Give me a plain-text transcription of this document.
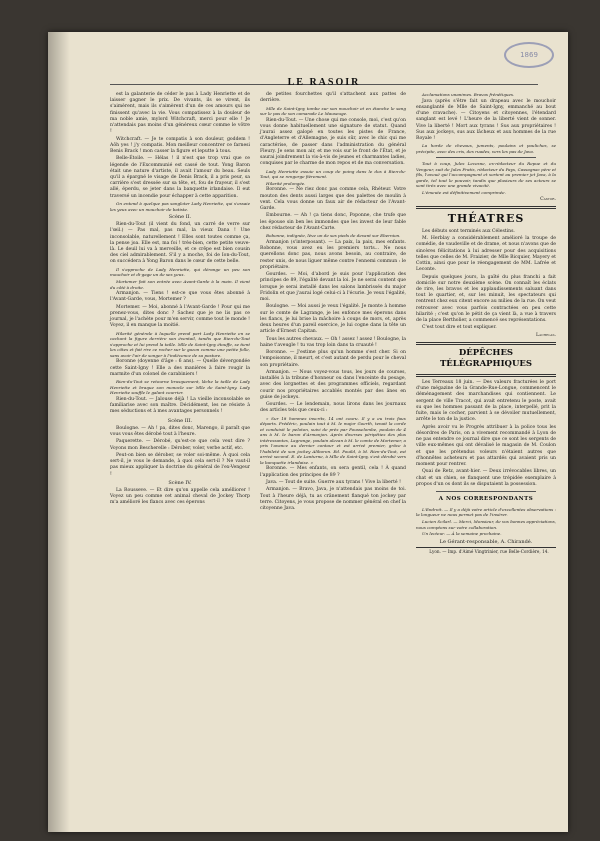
1869
LE RASOIR

est la galanterie de céder le pas à Lady Henriette et de laisser gagner le prix. De vivants, ils se virent, ils s'aimèrent, mais ils s'aimèrent d'un de ces amours qui ne finissent qu'avec la vie. Vous compatissez à la douleur de ma noble amie, mylord Witchcraft, merci pour elle ! Je n'attendais pas moins d'un généreux cœur comme le vôtre !

Witchcraft. — Je te compatis à son douleur, goddem ! Aôh yes ! j'y compatis. Mon meilleur concentrer ce farnesi Benis Brack ! mon casser la figure et leputte à tous.

Belle-Étoile. — Hélas ! il n'est que trop vrai que ce légende de l'Excommunié est cassé de tout. Yong Baron était une nature d'artiste, il avait l'amour du beau. Seuls qu'il a épargné le visage de Denis Brack, il a pris peur, sa carrière s'est dressée sur sa tête, et, fou de frayeur, il s'est allé, éperdu, se jeter dans la banquette irlandaise. Il eut traversé un incendie pour échapper à cette apparition.

On entend à quelque pas sangloter Lady Henriette, qui s'essaie les yeux avec un mouchoir de batiste.

Scène II.

Rien-du-Tout (il vient du fond, un carré de verre sur l'œil.) — Pas mal, pas mal, la vieux Dana ! Une inconsolable, naturellement ! Elles sont toutes comme ça, la pense joa. Elle est, ma foi ! très-bien, cette petite veuve-là. Le deuil lui va à merveille, et ce crêpe est bien cousin des ciel admirablement. S'il y a moche, foi de Ion-du-Tout, on succédera à Yong Baron dans le cœur de cette belle.

Il s'approche de Lady Henriette, qui dérange un peu son mouchoir et di-gage un de ses yeux.

Mortemer fait son entrée avec Avant-Garde à la main. Il vient du côté à droite.

Armanjon. — Tiens ! est-ce que vous êtes abonné à l'Avant-Garde, vous, Mortemer ?

Mortemer. — Moi, abonné à l'Avant-Garde ! Pour qui me prenez-vous, dites donc ? Sachez que je ne lis pas ce journal, je l'achète pour m'en servir, comme tout le monde ! Voyez, il en manque la moitié.

Hilarité générale à laquelle prend part Lady Henriette en se cachant la figure derrière son éventail, tandis que Rien-du-Tout s'approche et lui prend la taille. Mlle de Saint-Igny étouffe, se tient les côtes et fait rire ce rocher sur le gazon comme une petite folle, sans avoir l'air de songer à l'indécence de sa posture.

Boronne (doyenne d'âge : 6 ans). — Quelle dévergondée cette Saint-Igny ! Elle a des manières à faire rougir la marmite d'un colonel de carabiniers !

Rien-du-Tout se retourne brusquement, lâche la taille de Lady Henriette et braque son monocle sur Mlle de Saint-Igny. Lady Henriette souffle le galant courrier.

Rien-du-Tout. — Jalouse déjà ! La vieille inconsolable se familiarise avec son maître. Décidément, les ne résiste à mes séductions et à mes avantages personnels !

Scène III.

Boulogne. — Ah ! pa, dites donc, Marengo, il paraît que vous vous êtes dérobé tout à l'heure.

Paquerette. — Dérobé, qu'est-ce que cela veut dire ? Voyons mon Bescherelle : Dérober, voler, verbe actif, etc.

Peut-on bien se dérober, se voler soi-même. À quoi cela sert-il, je vous le demande, à quoi cela sert-il ? Ne vaut-il pas mieux appliquer la doctrine du général de l'ex-Vengeur !

Scène IV.

La Rousseve. — Et dire qu'on appelle cela amélliorer ! Voyez un peu comme cet animal cheval de Jockey Thorp m'a amélioré les flancs avec ces éperons

de petites fourchettes qu'il s'attachent aux pattes de derrière.

Mlle de Saint-Igny tombe sur son mouchoir et en étanche le sang sur le pas de son camarade Le Mauseuge.

Rien-du-Tout. — Une chose qui me console, moi, c'est qu'on vous donne habituellement une signature de statut. Quand j'aurai assez galopé en toutes les pistes de France, d'Angleterre et d'Allemagne, je suis sûr, avec le chic qui me caractérise, de passer dans l'administration du général Fleury. Je sens mon air, et me vois sur le front de l'État, et je saurai joindrement la vis-à-vis de jeunes et charmantes ladies, conquises par le charme de mon repos et de ma conversation.

Lady Henriette essuie un coup de poing dans le dos à Rien-du-Tout, qui se rengorge fièrement.

Hilarité prolongée.

Boronne. — Ne riez donc pas comme cela, Rhéteur. Votre mouton des dents aussi larges que des palettes de moulin à vent. Cela vous donne un faux air de rédacteur de l'Avant-Garde.

Embourne. — Ah ! ça tiens donc, Poponne, che trufe que les épouse sin ben les immondes que les invest de leur fable chez rédacteur de l'Avant-Carte.

Bobonne, indignée, lève un de ses pieds de devant sur Ebernion.

Armanjon (s'interposant). — La paix, la paix, mes enfants. Robonne, vous avez eu les premiers torts... Ne nous querellons donc pas, nous avons besoin, au contraire, de rester unis, de nous liguer même contre l'ennemi commun : le propriétaire.

Gourdes. — Moi, d'abord je suis pour l'application des principes de 89, l'égalité devant la loi. Je ne serai content que lorsque je serai installé dans les salons lambrissés du major Fridolin et que j'aurai logé celui-ci à l'écurie. Je veux l'égalité, moi.

Boulogne. — Moi aussi je veux l'égalité. Je monte à homme sur le comte de Lagrange, je les enfonce mes éperons dans les flancs, je lui brise la mâchoire à coups de mors, et, après deux heures d'un pareil exercice, je lui cogne dans la tête un article d'Ernest Capitan.

Tous les autres chevaux. — Oh ! assez ! assez ! Boulogne, la haine t'aveugle ! tu vas trop loin dans ta cruauté !

Boronne. — J'estime plus qu'un homme s'est cher. Si on l'empoisonne, il meurt, et c'est autant de perdu pour le cheval son propriétaire.

Armanjon. — Nous voyez-vous tous, les jours de courses, installés à la tribune d'honneur ou dans l'enceinte du pesage, avec des lorgnettes et des programmes officiels, regardant courir nos propriétaires accablés montés par des ânes en guise de jockeys.

Gourdes. — Le lendemain, nous lirons dans les journaux des articles tels que ceux-ci :

« Sur 18 hommes inscrits, 14 ont couru. Il y a eu trois faux départs. Frédéric, poulain tout à M. le major Goerth, tenait la corde et conduisit le peloton, suivi de près par Fousselombe, poulain de 4 ans à M. le baron d'Armanjon. Après diverses péripéties des plus intéressantes, Lagrange, poulain alezan à M. le comte de Mortemer, a pris l'avance au dernier contour et est arrivé premier, grâce à l'habileté de son jockey Aliboron. Ed. Pouild, à M. Rien-du-Tout, est arrivé second. E. de Lanturne, à Mlle de Saint-Igny, s'est dérobé vers la banquette irlandaise. »

Boronne. — Mes enfants, on sera gentil, cela ! À quand l'application des principes de 89 ?

Java. — Tout de suite. Guerre aux tyrans ! Vive la liberté !

Armanjon. — Bravo, Java, je n'attendais pas moins de toi. Tout à l'heure déjà, tu as crânement flanqué ton jockey par terre. Citoyens, je vous propose de nommer général en chef la citoyenne Java.

Acclamations unanimes. Bravos frénétiques.

Java (après s'être fait un drapeau avec le mouchoir ensanglanté de Mlle de Saint-Igny, emmanché au bout d'une cravache). — Citoyens et citoyennes, l'étendard sanglant est levé ! L'heure de la liberté vient de sonner. Vive la liberté ! Mort aux tyrans ! Sus aux propriétaires ! Sus aux jockeys, sus aux lâcheux et aux hommes de la rue Royale !

La horde de chevaux, juments, poulains et pouliches, se précipite, avec des cris, des ruades, vers les pas de Java.

Tout à coup, Jules Lecesne, ex-rédacteur du Repue et du Vengeur, suit de Jules Fratis, rédacteur du Pays, Cassagnac père et fils, l'avoué qui l'accompagnent et sortent au premier jet Java, à la garde, tel tout le pouvoir, tandis que plusieurs de ses acteurs se sont tirés avec une grande vivacité.

L'émeute est définitivement comprimée.

Castor.

THÉATRES

Les débuts sont terminés aux Célestins.

M. Herblay a considérablement amélioré la troupe de comédie, de vaudeville et de drame, et nous n'avons que de sincères félicitations à lui adresser pour des acquisitions telles que celles de M. Fraizier, de Mlle Bicquier, Mayery et Cottin, ainsi que pour le réengagement de MM. Lafrée et Leconte.

Depuis quelques jours, la gaîté du plus franchi a fait domicile sur notre deuxième scène. On connaît les éclats de rire, les bravos et les applaudissements saluant dans tout le quartier, et, sur les minuit, les spectateurs qui rentrent chez eux citent encore au milieu de la rue. On veut retrouver avec vous parfois contractées en peu cette hilarité ; c'est qu'on le pétit de ça vient là, a vue à travers de la place Bertholier, a commencé ses représentations.

C'est tout dire et tout expliquer.

Lachelas.

DÉPÊCHES TÉLÉGRAPHIQUES

Les Terreaux 18 juin. — Des valeurs fracturées le port d'une mégazine de la Grande-Rue-Longue, commencent le déménagement des marchandises qui contiennent. Le sergent de ville Tracot, qui avait entretenu le poste, avait su que les hommes passant de la place, interpellé, prit la fuite, mais le cocher, parvient à se dévoiler mutuellement, arrête le ton de la justice.

Après avoir vu le Progrès attribuer à la police tous les désordres de Paris, on a vivement recommandé à Lyon de ne pas entendre ce journal dire que ce sont les sergents de ville eux-mêmes qui ont dévalisé le magasin de M. Coulon et que les prétendus voleurs n'étaient autres que d'honnêtes acheteurs et pas attardés qui avaient pris un moment pour rentrer.

Quai de Retz, avant-hier. — Deux irrévocables libres, un chat et un chien, se flanquent une trépidée exemplaire à propos d'un os dont ils se disputaient la possession.

A NOS CORRESPONDANTS

L'Endroit. — Il y a déjà votre article d'excellentes observations : la longueur ne nous permet pas de l'insérer.

Lucien Scilarl. — Merci, Monsieur, de vos bonnes appréciations, nous comptons sur votre collaboration.

Un lecteur. — À la semaine prochaine.

Le Gérant-responsable, A. Chirandé.

Lyon. — Imp. d'Aimé Vingtrinier, rue Belle-Cordière, 14.
